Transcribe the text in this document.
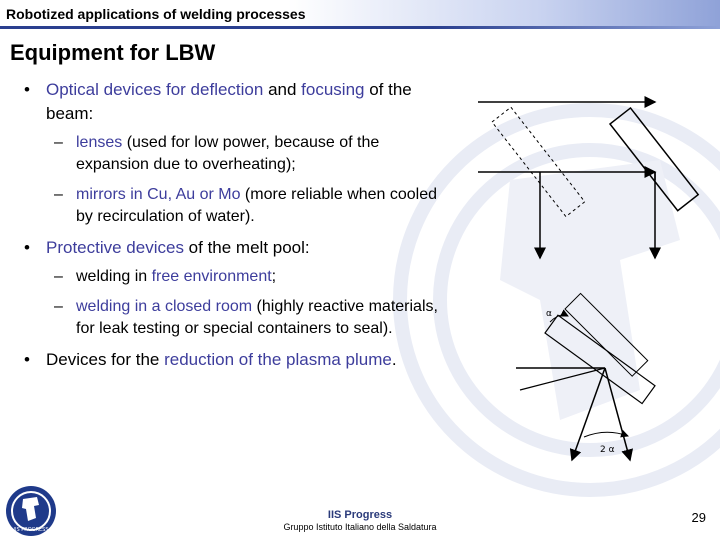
Robotized applications of welding processes
Equipment for LBW
• Optical devices for deflection and focusing of the beam:
– lenses (used for low power, because of the expansion due to overheating);
– mirrors in Cu, Au or Mo (more reliable when cooled by recirculation of water).
• Protective devices of the melt pool:
– welding in free environment;
– welding in a closed room (highly reactive materials, for leak testing or special containers to seal).
• Devices for the reduction of the plasma plume.
α
2 α
IIS PROGRESS
IIS Progress
Gruppo Istituto Italiano della Saldatura
29
